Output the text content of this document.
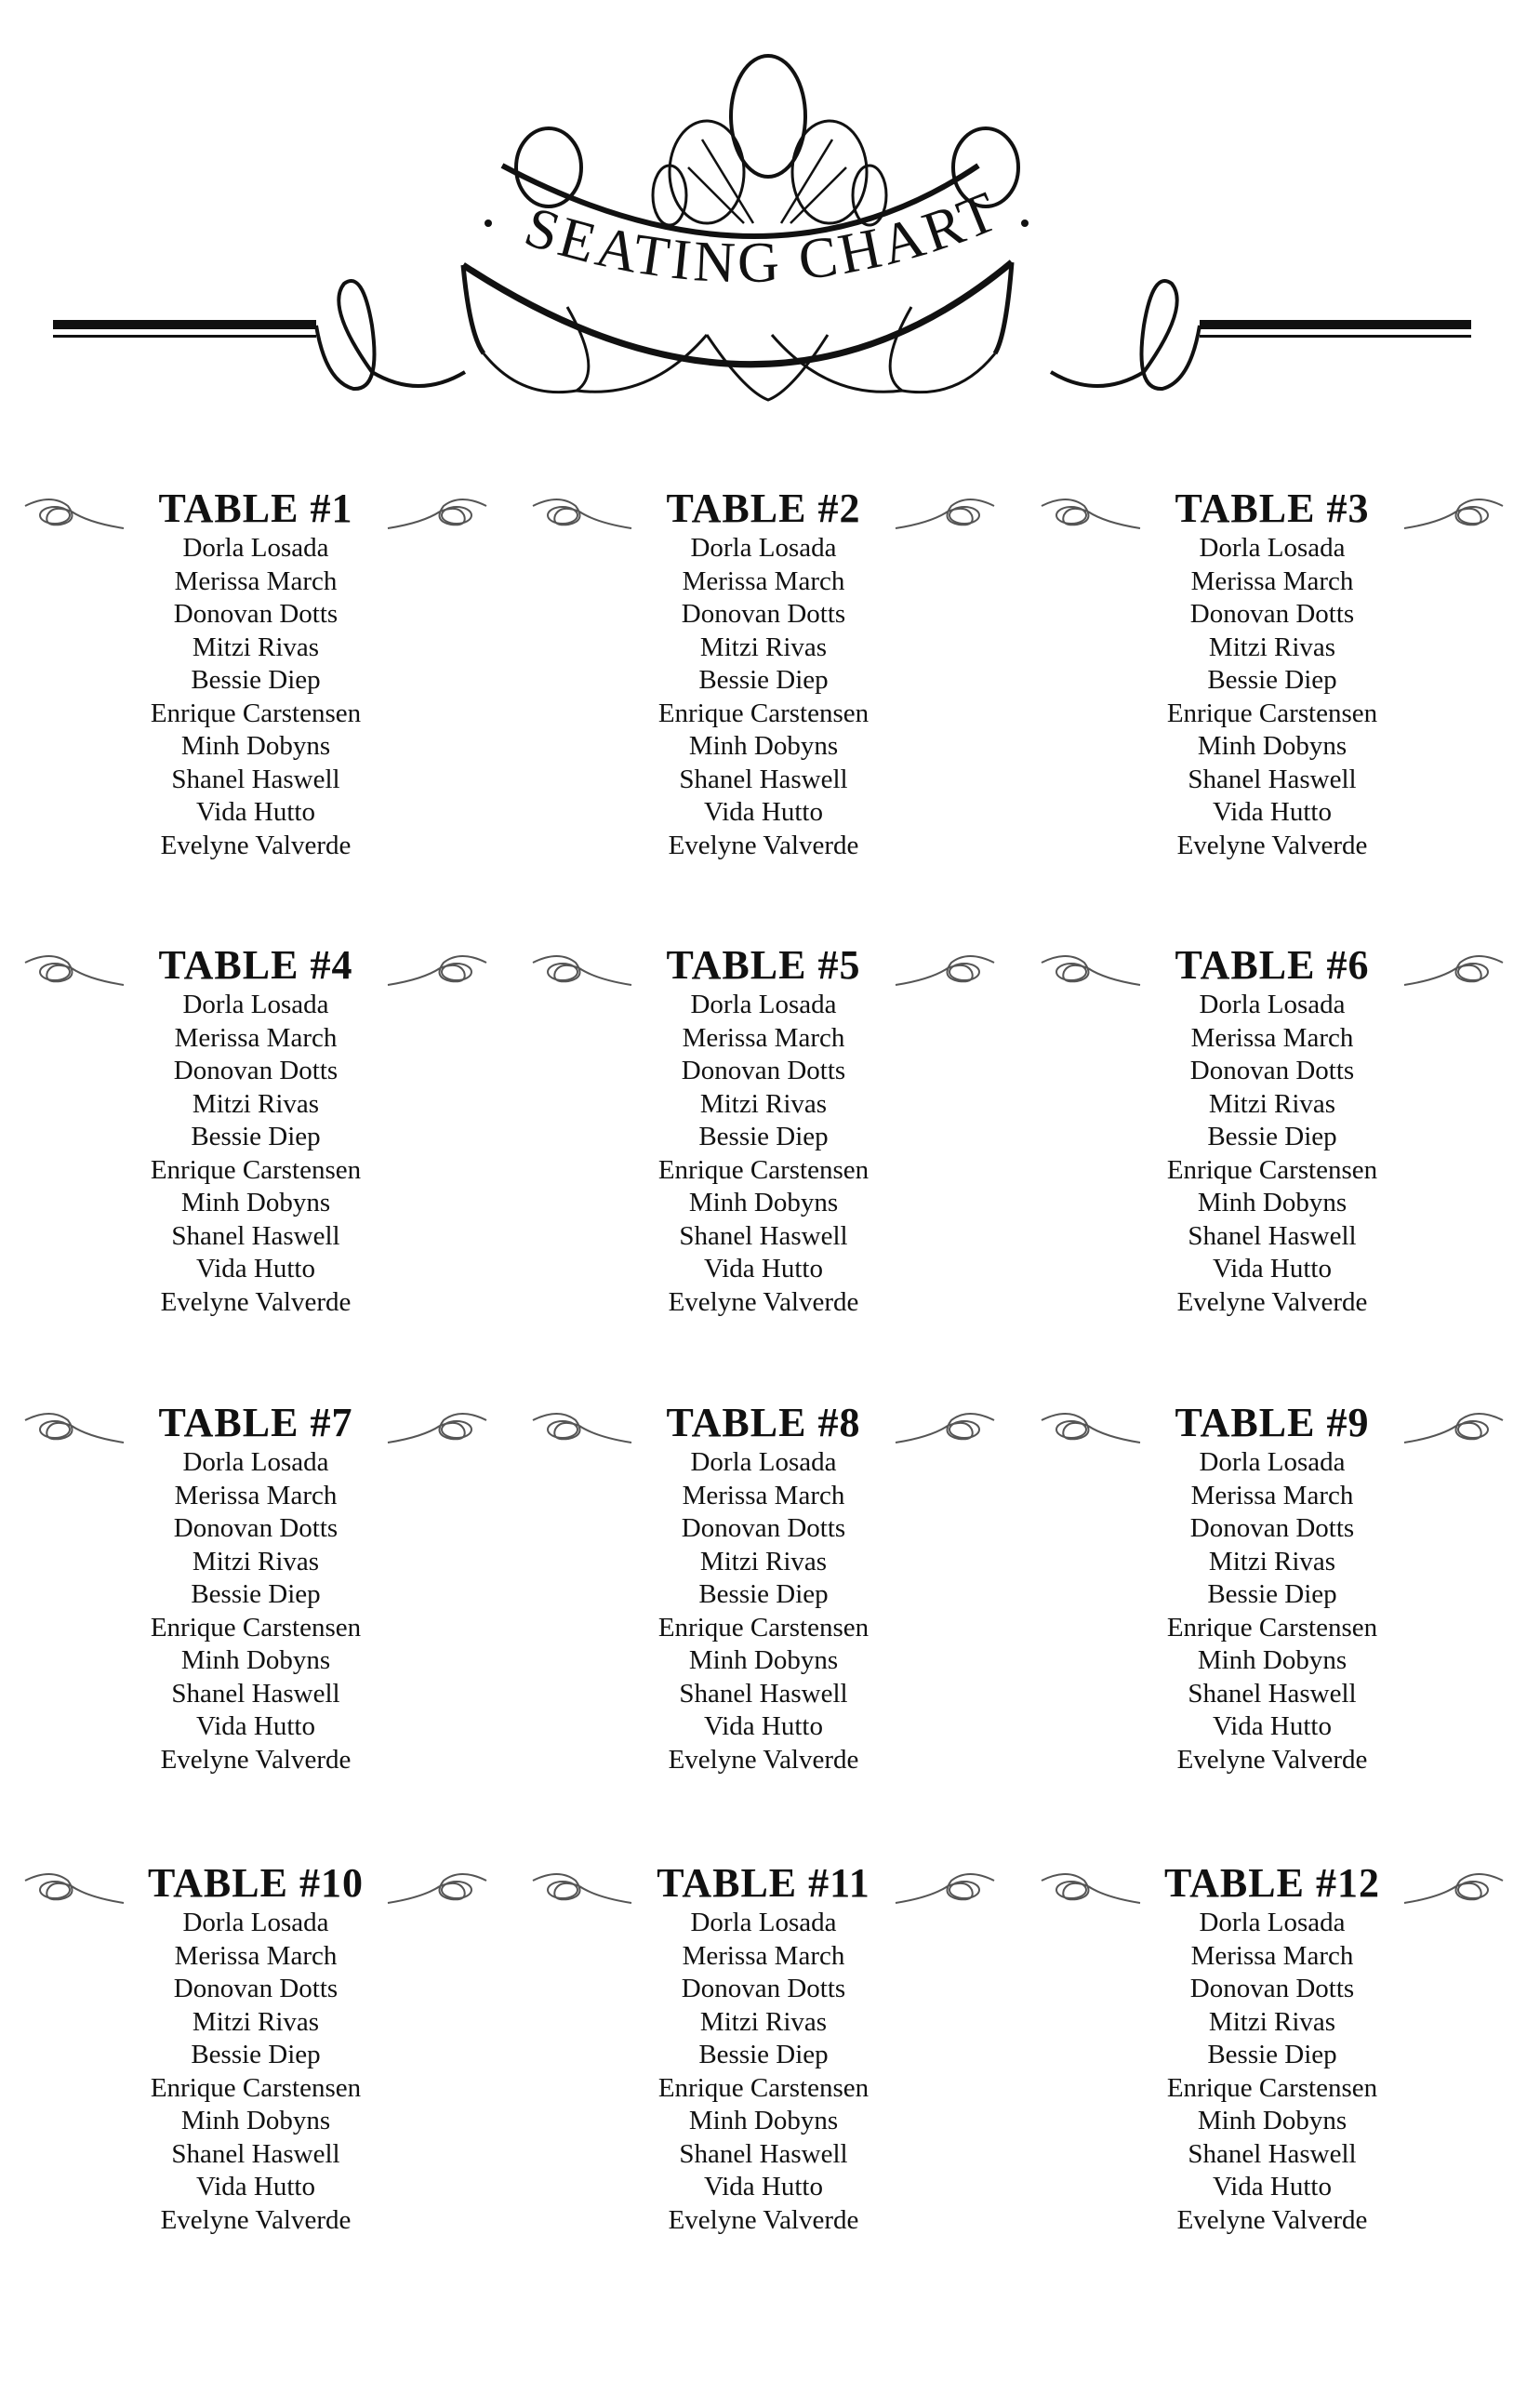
SEATING CHART
TABLE #1
Dorla Losada
Merissa March
Donovan Dotts
Mitzi Rivas
Bessie Diep
Enrique Carstensen
Minh Dobyns
Shanel Haswell
Vida Hutto
Evelyne Valverde
TABLE #2
Dorla Losada
Merissa March
Donovan Dotts
Mitzi Rivas
Bessie Diep
Enrique Carstensen
Minh Dobyns
Shanel Haswell
Vida Hutto
Evelyne Valverde
TABLE #3
Dorla Losada
Merissa March
Donovan Dotts
Mitzi Rivas
Bessie Diep
Enrique Carstensen
Minh Dobyns
Shanel Haswell
Vida Hutto
Evelyne Valverde
TABLE #4
Dorla Losada
Merissa March
Donovan Dotts
Mitzi Rivas
Bessie Diep
Enrique Carstensen
Minh Dobyns
Shanel Haswell
Vida Hutto
Evelyne Valverde
TABLE #5
Dorla Losada
Merissa March
Donovan Dotts
Mitzi Rivas
Bessie Diep
Enrique Carstensen
Minh Dobyns
Shanel Haswell
Vida Hutto
Evelyne Valverde
TABLE #6
Dorla Losada
Merissa March
Donovan Dotts
Mitzi Rivas
Bessie Diep
Enrique Carstensen
Minh Dobyns
Shanel Haswell
Vida Hutto
Evelyne Valverde
TABLE #7
Dorla Losada
Merissa March
Donovan Dotts
Mitzi Rivas
Bessie Diep
Enrique Carstensen
Minh Dobyns
Shanel Haswell
Vida Hutto
Evelyne Valverde
TABLE #8
Dorla Losada
Merissa March
Donovan Dotts
Mitzi Rivas
Bessie Diep
Enrique Carstensen
Minh Dobyns
Shanel Haswell
Vida Hutto
Evelyne Valverde
TABLE #9
Dorla Losada
Merissa March
Donovan Dotts
Mitzi Rivas
Bessie Diep
Enrique Carstensen
Minh Dobyns
Shanel Haswell
Vida Hutto
Evelyne Valverde
TABLE #10
Dorla Losada
Merissa March
Donovan Dotts
Mitzi Rivas
Bessie Diep
Enrique Carstensen
Minh Dobyns
Shanel Haswell
Vida Hutto
Evelyne Valverde
TABLE #11
Dorla Losada
Merissa March
Donovan Dotts
Mitzi Rivas
Bessie Diep
Enrique Carstensen
Minh Dobyns
Shanel Haswell
Vida Hutto
Evelyne Valverde
TABLE #12
Dorla Losada
Merissa March
Donovan Dotts
Mitzi Rivas
Bessie Diep
Enrique Carstensen
Minh Dobyns
Shanel Haswell
Vida Hutto
Evelyne Valverde
